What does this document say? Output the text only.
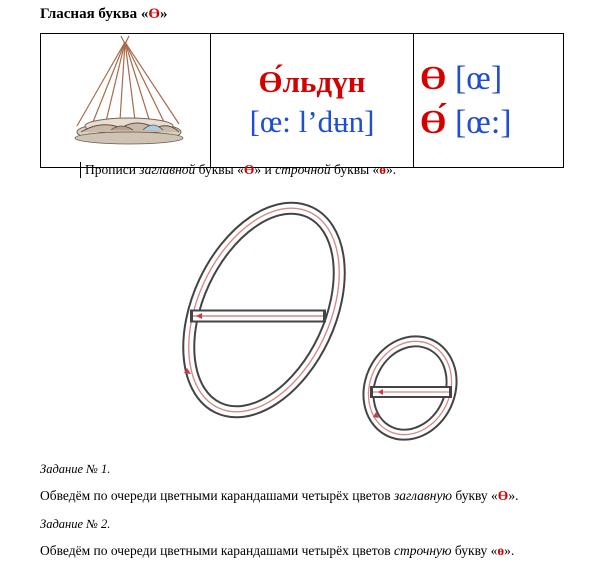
Гласная буква «Ө»

Ө́льдүн
[œ: l’dʉn]

Ө [œ]
Ө́ [œ:]
Прописи заглавной буквы «Ө» и строчной буквы «ө».
Задание № 1.
Обведём по очереди цветными карандашами четырёх цветов заглавную букву «Ө».
Задание № 2.
Обведём по очереди цветными карандашами четырёх цветов строчную букву «ө».
